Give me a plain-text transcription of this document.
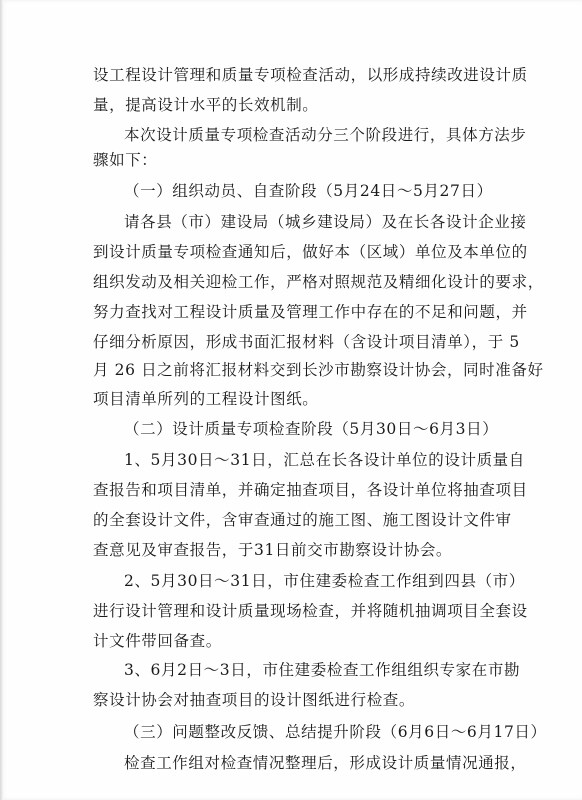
设工程设计管理和质量专项检查活动，以形成持续改进设计质
量，提高设计水平的长效机制。
本次设计质量专项检查活动分三个阶段进行，具体方法步
骤如下：
（一）组织动员、自查阶段（5月24日～5月27日）
请各县（市）建设局（城乡建设局）及在长各设计企业接
到设计质量专项检查通知后，做好本（区域）单位及本单位的
组织发动及相关迎检工作，严格对照规范及精细化设计的要求，
努力查找对工程设计质量及管理工作中存在的不足和问题，并
仔细分析原因，形成书面汇报材料（含设计项目清单），于 5
月 26 日之前将汇报材料交到长沙市勘察设计协会，同时准备好
项目清单所列的工程设计图纸。
（二）设计质量专项检查阶段（5月30日～6月3日）
1、5月30日～31日，汇总在长各设计单位的设计质量自
查报告和项目清单，并确定抽查项目，各设计单位将抽查项目
的全套设计文件，含审查通过的施工图、施工图设计文件审
查意见及审查报告，于31日前交市勘察设计协会。
2、5月30日～31日，市住建委检查工作组到四县（市）
进行设计管理和设计质量现场检查，并将随机抽调项目全套设
计文件带回备查。
3、6月2日～3日，市住建委检查工作组组织专家在市勘
察设计协会对抽查项目的设计图纸进行检查。
（三）问题整改反馈、总结提升阶段（6月6日～6月17日）
检查工作组对检查情况整理后，形成设计质量情况通报，
